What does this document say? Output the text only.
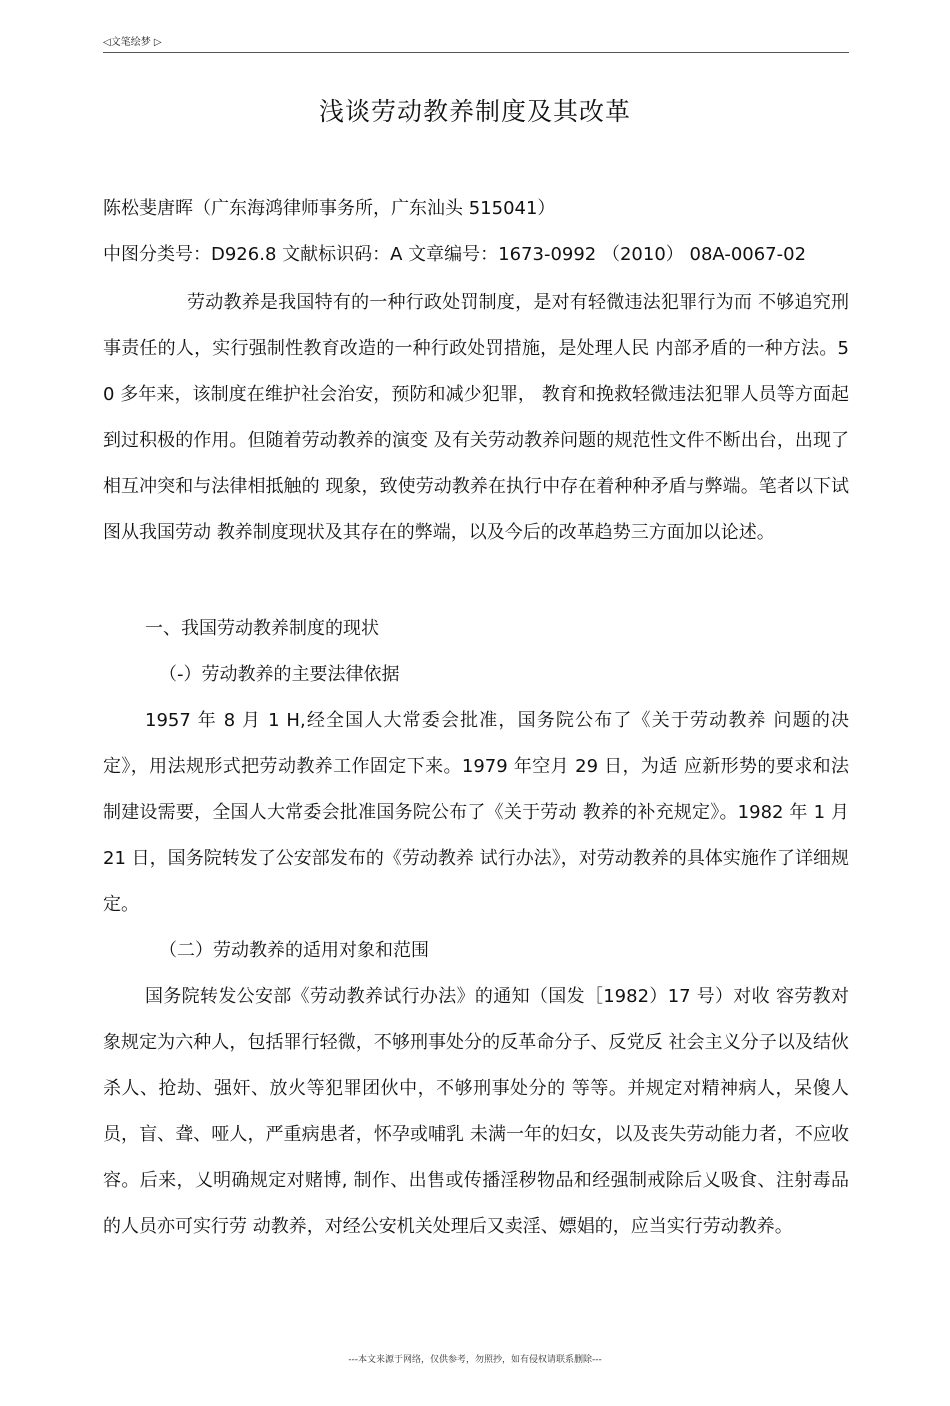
◁文笔绘梦 ▷
浅谈劳动教养制度及其改革
陈松斐唐晖（广东海鸿律师事务所，广东汕头 515041）
中图分类号：D926.8 文献标识码：A 文章编号：1673-0992 （2010） 08A-0067-02

劳动教养是我国特有的一种行政处罚制度，是对有轻微违法犯罪行为而 不够追究刑事责任的人，实行强制性教育改造的一种行政处罚措施，是处理人民 内部矛盾的一种方法。5 0 多年来，该制度在维护社会治安，预防和减少犯罪， 教育和挽救轻微违法犯罪人员等方面起到过积极的作用。但随着劳动教养的演变 及有关劳动教养问题的规范性文件不断出台，出现了相互冲突和与法律相抵触的 现象，致使劳动教养在执行中存在着种种矛盾与弊端。笔者以下试图从我国劳动 教养制度现状及其存在的弊端，以及今后的改革趋势三方面加以论述。

一、我国劳动教养制度的现状

（-）劳动教养的主要法律依据

1957 年 8 月 1 H,经全国人大常委会批准，国务院公布了《关于劳动教养 问题的决定》，用法规形式把劳动教养工作固定下来。1979 年空月 29 日，为适 应新形势的要求和法制建设需要，全国人大常委会批准国务院公布了《关于劳动 教养的补充规定》。1982 年 1 月 21 日，国务院转发了公安部发布的《劳动教养 试行办法》，对劳动教养的具体实施作了详细规定。

（二）劳动教养的适用对象和范围

国务院转发公安部《劳动教养试行办法》的通知（国发［1982）17 号）对收 容劳教对象规定为六种人，包括罪行轻微，不够刑事处分的反革命分子、反党反 社会主义分子以及结伙杀人、抢劫、强奸、放火等犯罪团伙中，不够刑事处分的 等等。并规定对精神病人，呆傻人员，盲、聋、哑人，严重病患者，怀孕或哺乳 未满一年的妇女，以及丧失劳动能力者，不应收容。后来，乂明确规定对赌博, 制作、出售或传播淫秽物品和经强制戒除后乂吸食、注射毒品的人员亦可实行劳 动教养，对经公安机关处理后又卖淫、嫖娼的，应当实行劳动教养。

---本文来源于网络，仅供参考，勿照抄，如有侵权请联系删除---
